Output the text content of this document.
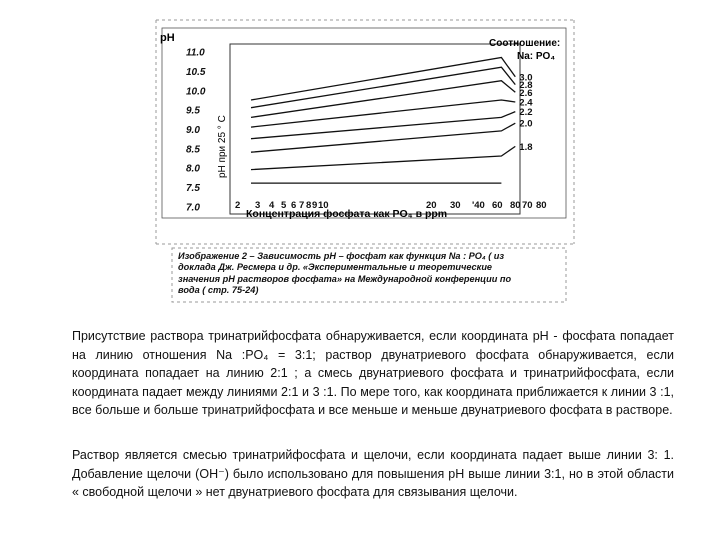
pH
pH при 25 ° С
Соотношение:
Na: PO₄
Концентрация фосфата как PO₄ в ppm
11.0
10.5
10.0
9.5
9.0
8.5
8.0
7.5
7.0	2 3 4 5 6 7 8 9 10	20 30 '40 60 80 70 80
3.0
2.8
2.6
2.4
2.2
2.0
1.8
Изображение 2 – Зависимость pH – фосфат как функция Na : PO₄ ( из
доклада Дж. Ресмера и др. «Экспериментальные и теоретические
значения pH растворов фосфата» на Международной конференции по
вода ( стр. 75-24)

Присутствие раствора тринатрийфосфата обнаруживается, если координата pH - фосфата попадает на линию отношения Na :PO₄ = 3:1; раствор двунатриевого фосфата обнаруживается, если координата попадает на линию 2:1 ; а смесь двунатриевого фосфата и тринатрийфосфата, если координата падает между линиями 2:1 и 3 :1. По мере того, как координата приближается к линии 3 :1, все больше и больше тринатрийфосфата и все меньше и меньше двунатриевого фосфата в растворе.

Раствор является смесью тринатрийфосфата и щелочи, если координата падает выше линии 3: 1. Добавление щелочи (ОН⁻) было использовано для повышения pH выше линии 3:1, но в этой области « свободной щелочи » нет двунатриевого фосфата для связывания щелочи.
